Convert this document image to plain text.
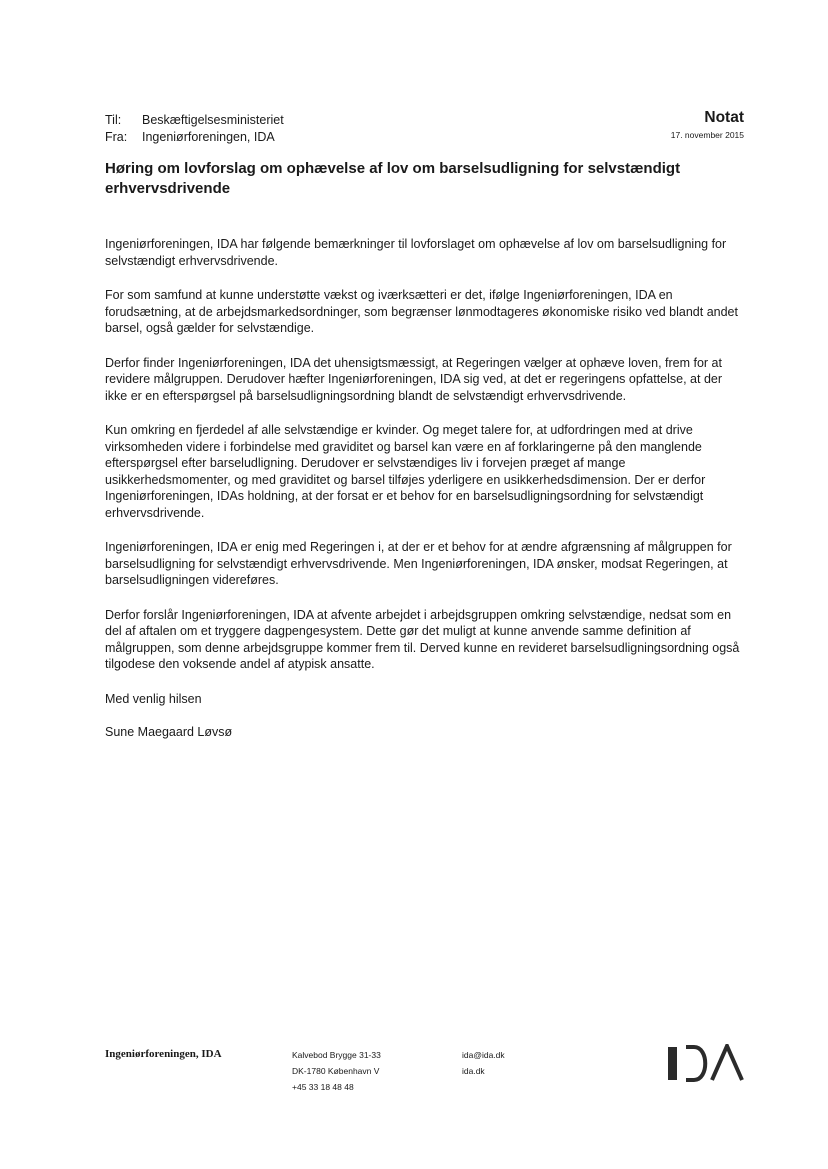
Til:	Beskæftigelsesministeriet
Fra:	Ingeniørforeningen, IDA
Notat
17. november 2015
Høring om lovforslag om ophævelse af lov om barselsudligning for selvstændigt erhvervsdrivende

Ingeniørforeningen, IDA har følgende bemærkninger til lovforslaget om ophævelse af lov om barselsudligning for selvstændigt erhvervsdrivende.

For som samfund at kunne understøtte vækst og iværksætteri er det, ifølge Ingeniørforeningen, IDA en forudsætning, at de arbejdsmarkedsordninger, som begrænser lønmodtageres økonomiske risiko ved blandt andet barsel, også gælder for selvstændige.

Derfor finder Ingeniørforeningen, IDA det uhensigtsmæssigt, at Regeringen vælger at ophæve loven, frem for at revidere målgruppen. Derudover hæfter Ingeniørforeningen, IDA sig ved, at det er regeringens opfattelse, at der ikke er en efterspørgsel på barselsudligningsordning blandt de selvstændigt erhvervsdrivende.

Kun omkring en fjerdedel af alle selvstændige er kvinder. Og meget talere for, at udfordringen med at drive virksomheden videre i forbindelse med graviditet og barsel kan være en af forklaringerne på den manglende efterspørgsel efter barseludligning. Derudover er selvstændiges liv i forvejen præget af mange usikkerhedsmomenter, og med graviditet og barsel tilføjes yderligere en usikkerhedsdimension. Der er derfor Ingeniørforeningen, IDAs holdning, at der forsat er et behov for en barselsudligningsordning for selvstændigt erhvervsdrivende.

Ingeniørforeningen, IDA er enig med Regeringen i, at der er et behov for at ændre afgrænsning af målgruppen for barselsudligning for selvstændigt erhvervsdrivende. Men Ingeniørforeningen, IDA ønsker, modsat Regeringen, at barselsudligningen videreføres.

Derfor forslår Ingeniørforeningen, IDA at afvente arbejdet i arbejdsgruppen omkring selvstændige, nedsat som en del af aftalen om et tryggere dagpengesystem. Dette gør det muligt at kunne anvende samme definition af målgruppen, som denne arbejdsgruppe kommer frem til. Derved kunne en revideret barselsudligningsordning også tilgodese den voksende andel af atypisk ansatte.

Med venlig hilsen

Sune Maegaard Løvsø

Ingeniørforeningen, IDA	Kalvebod Brygge 31-33
DK-1780 København V
+45 33 18 48 48
ida@ida.dk
ida.dk
